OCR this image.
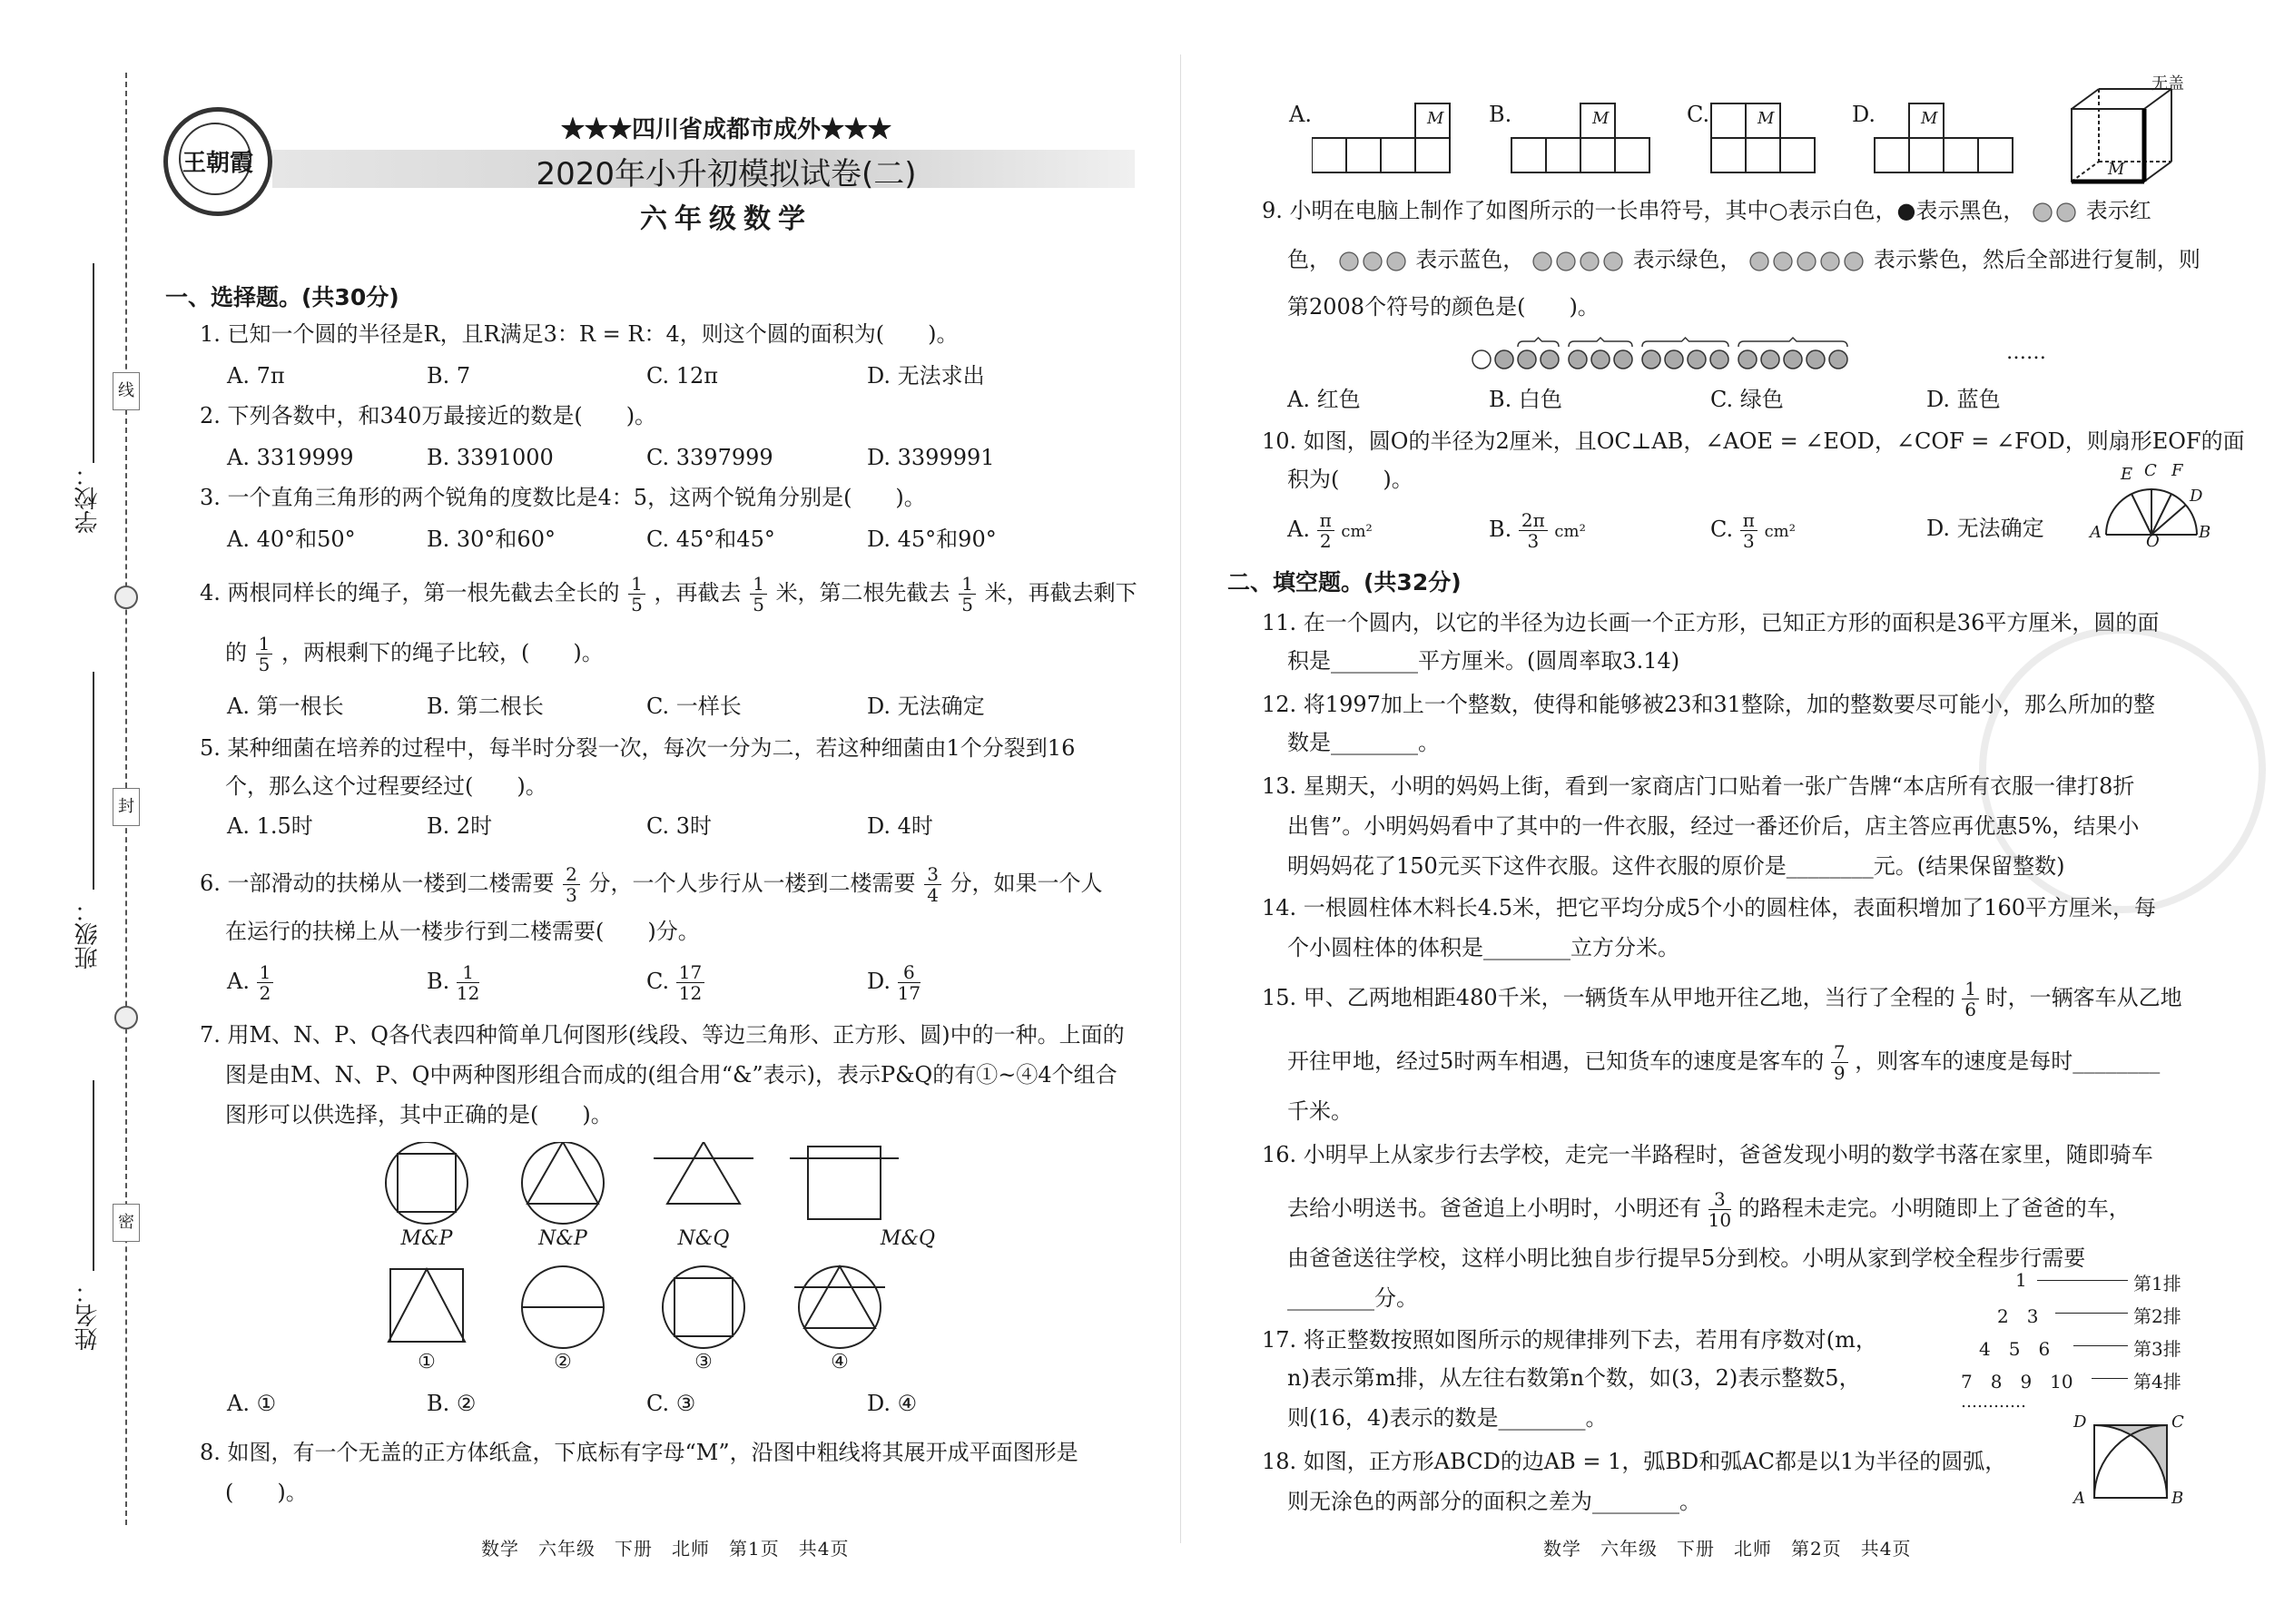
线
封
密
学校：
班级：
姓名：
王朝霞
★★★四川省成都市成外★★★
2020年小升初模拟试卷(二)
六年级数学
一、选择题。(共30分)
1. 已知一个圆的半径是R，且R满足3：R = R：4，则这个圆的面积为(　　)。
A. 7π	B. 7	C. 12π	D. 无法求出
2. 下列各数中，和340万最接近的数是(　　)。
A. 3319999	B. 3391000	C. 3397999	D. 3399991
3. 一个直角三角形的两个锐角的度数比是4：5，这两个锐角分别是(　　)。
A. 40°和50°	B. 30°和60°	C. 45°和45°	D. 45°和90°
4. 两根同样长的绳子，第一根先截去全长的 $\frac{1}{5}$ ，再截去 $\frac{1}{5}$ 米，第二根先截去 $\frac{1}{5}$ 米，再截去剩下
的 $\frac{1}{5}$ ，两根剩下的绳子比较，(　　)。
A. 第一根长	B. 第二根长	C. 一样长	D. 无法确定
5. 某种细菌在培养的过程中，每半时分裂一次，每次一分为二，若这种细菌由1个分裂到16
个，那么这个过程要经过(　　)。
A. 1.5时	B. 2时	C. 3时	D. 4时
6. 一部滑动的扶梯从一楼到二楼需要 $\frac{2}{3}$ 分，一个人步行从一楼到二楼需要 $\frac{3}{4}$ 分，如果一个人
在运行的扶梯上从一楼步行到二楼需要(　　)分。
A. $\frac{1}{2}$	B. $\frac{1}{12}$	C. $\frac{17}{12}$	D. $\frac{6}{17}$
7. 用M、N、P、Q各代表四种简单几何图形(线段、等边三角形、正方形、圆)中的一种。上面的
图是由M、N、P、Q中两种图形组合而成的(组合用“&”表示)，表示P&Q的有①~④4个组合
图形可以供选择，其中正确的是(　　)。
M&P	N&P	N&Q	M&Q
①	②	③	④
A. ①	B. ②	C. ③	D. ④
8. 如图，有一个无盖的正方体纸盒，下底标有字母“M”，沿图中粗线将其展开成平面图形是
(　　)。
数学　六年级　下册　北师　第1页　共4页
A.	B.	C.	D.
M	M	M	M
M
无盖
9. 小明在电脑上制作了如图所示的一长串符号，其中○表示白色，●表示黑色，	表示红
色，	表示蓝色，	表示绿色，	表示紫色，然后全部进行复制，则
第2008个符号的颜色是(　　)。
……
A. 红色	B. 白色	C. 绿色	D. 蓝色
10. 如图，圆O的半径为2厘米，且OC⊥AB，∠AOE = ∠EOD，∠COF = ∠FOD，则扇形EOF的面
积为(　　)。
A. $\frac{\pi}{2} cm^2$	B. $\frac{2\pi}{3} cm^2$	C. $\frac{\pi}{3} cm^2$	D. 无法确定
E C F
D
A	O B
二、填空题。(共32分)
11. 在一个圆内，以它的半径为边长画一个正方形，已知正方形的面积是36平方厘米，圆的面
积是________平方厘米。(圆周率取3.14)
12. 将1997加上一个整数，使得和能够被23和31整除，加的整数要尽可能小，那么所加的整
数是________。
13. 星期天，小明的妈妈上街，看到一家商店门口贴着一张广告牌“本店所有衣服一律打8折
出售”。小明妈妈看中了其中的一件衣服，经过一番还价后，店主答应再优惠5%，结果小
明妈妈花了150元买下这件衣服。这件衣服的原价是________元。(结果保留整数)
14. 一根圆柱体木料长4.5米，把它平均分成5个小的圆柱体，表面积增加了160平方厘米，每
个小圆柱体的体积是________立方分米。
15. 甲、乙两地相距480千米，一辆货车从甲地开往乙地，当行了全程的 $\frac{1}{6}$ 时，一辆客车从乙地
开往甲地，经过5时两车相遇，已知货车的速度是客车的 $\frac{7}{9}$ ，则客车的速度是每时________
千米。
16. 小明早上从家步行去学校，走完一半路程时，爸爸发现小明的数学书落在家里，随即骑车
去给小明送书。爸爸追上小明时，小明还有 $\frac{3}{10}$ 的路程未走完。小明随即上了爸爸的车，
由爸爸送往学校，这样小明比独自步行提早5分到校。小明从家到学校全程步行需要
________分。
17. 将正整数按照如图所示的规律排列下去，若用有序数对(m，
n)表示第m排，从左往右数第n个数，如(3，2)表示整数5，
则(16，4)表示的数是________。
1
2　3
4　5　6
7　8　9　10
第1排
第2排
第3排
第4排
…………
18. 如图，正方形ABCD的边AB = 1，弧BD和弧AC都是以1为半径的圆弧，
则无涂色的两部分的面积之差为________。
D	C
A	B
数学　六年级　下册　北师　第2页　共4页
